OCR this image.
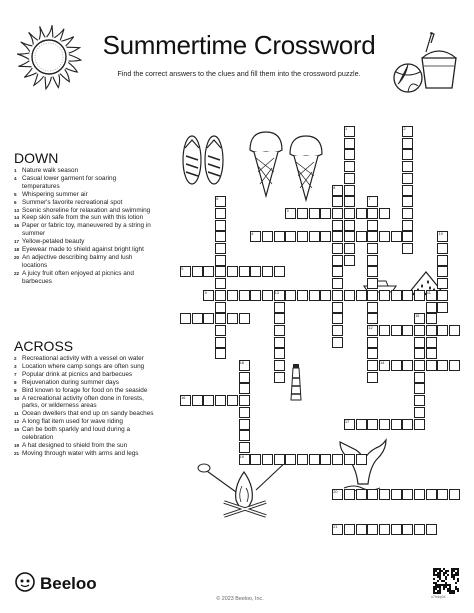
Summertime Crossword
Find the correct answers to the clues and fill them into the crossword puzzle.
DOWN
1 Nature walk season
4 Casual lower garment for soaring temperatures
5 Whispering summer air
6 Summer's favorite recreational spot
13 Scenic shoreline for relaxation and swimming
14 Keep skin safe from the sun with this lotion
16 Paper or fabric toy, maneuvered by a string in summer
17 Yellow-petaled beauty
18 Eyewear made to shield against bright light
20 An adjective describing balmy and lush locations
22 A juicy fruit often enjoyed at picnics and barbecues
ACROSS
2 Recreational activity with a vessel on water
3 Location where camp songs are often sung
7 Popular drink at picnics and barbecues
8 Rejuvenation during summer days
9 Bird known to forage for food on the seaside
10 A recreational activity often done in forests, parks, or wilderness areas
11 Ocean dwellers that end up on sandy beaches
12 A long flat item used for wave riding
15 Can be both sparkly and loud during a celebration
19 A hat designed to shield from the sun
21 Moving through water with arms and legs
1	2
3
4
5
6	7
8
9
10
11
12
13
14
15
16
17
18
19
20
21
Beeloo
© 2023 Beeloo, Inc.	x7hdq94
